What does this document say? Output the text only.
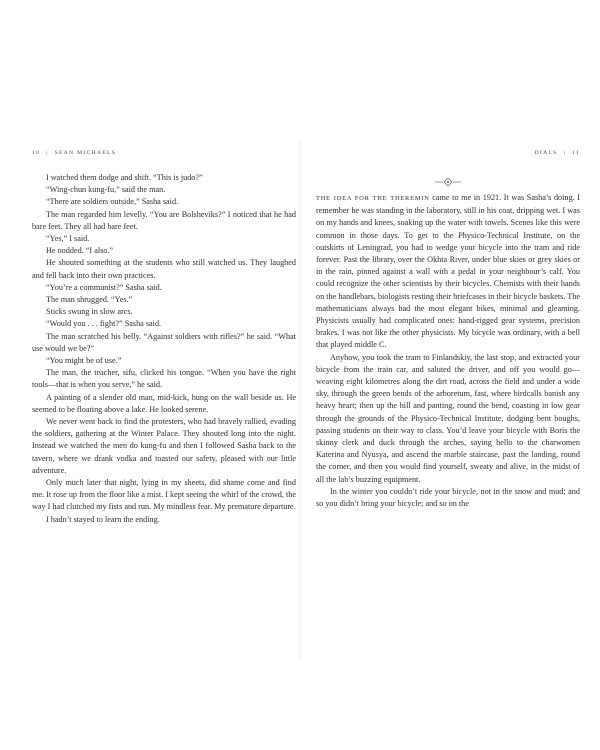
10 | SEAN MICHAELS

I watched them dodge and shift. “This is judo?”

“Wing-chun kung-fu,” said the man.

“There are soldiers outside,” Sasha said.

The man regarded him levelly. “You are Bolsheviks?” I noticed that he had bare feet. They all had bare feet.

“Yes,” I said.

He nodded. “I also.”

He shouted something at the students who still watched us. They laughed and fell back into their own practices.

“You’re a communist?” Sasha said.

The man shrugged. “Yes.”

Sticks swung in slow arcs.

“Would you . . . fight?” Sasha said.

The man scratched his belly. “Against soldiers with rifles?” he said. “What use would we be?”

“You might be of use.”

The man, the teacher, sifu, clicked his tongue. “When you have the right tools—that is when you serve,” he said.

A painting of a slender old man, mid-kick, hung on the wall beside us. He seemed to be floating above a lake. He looked serene.

We never went back to find the protesters, who had bravely rallied, evading the soldiers, gathering at the Winter Palace. They shouted long into the night. Instead we watched the men do kung-fu and then I followed Sasha back to the tavern, where we drank vodka and toasted our safety, pleased with our little adventure.

Only much later that night, lying in my sheets, did shame come and find me. It rose up from the floor like a mist. I kept seeing the whirl of the crowd, the way I had clutched my fists and run. My mindless fear. My premature departure.

I hadn’t stayed to learn the ending.

DIALS | 11

THE IDEA FOR THE THEREMIN came to me in 1921. It was Sasha’s doing. I remember he was standing in the laboratory, still in his coat, dripping wet. I was on my hands and knees, soaking up the water with towels. Scenes like this were common in those days. To get to the Physico-Technical Institute, on the outskirts of Leningrad, you had to wedge your bicycle into the tram and ride forever. Past the library, over the Okhta River, under blue skies or grey skies or in the rain, pinned against a wall with a pedal in your neighbour’s calf. You could recognize the other scientists by their bicycles. Chemists with their hands on the handlebars, biologists resting their briefcases in their bicycle baskets. The mathematicians always had the most elegant bikes, minimal and gleaming. Physicists usually had complicated ones: hand-rigged gear systems, precision brakes. I was not like the other physicists. My bicycle was ordinary, with a bell that played middle C.

Anyhow, you took the tram to Finlandskiy, the last stop, and extracted your bicycle from the train car, and saluted the driver, and off you would go—weaving eight kilometres along the dirt road, across the field and under a wide sky, through the green bends of the arboretum, fast, where birdcalls banish any heavy heart; then up the hill and panting, round the bend, coasting in low gear through the grounds of the Physico-Technical Institute, dodging bent boughs, passing students on their way to class. You’d leave your bicycle with Boris the skinny clerk and duck through the arches, saying hello to the charwomen Katerina and Nyusya, and ascend the marble staircase, past the landing, round the corner, and then you would find yourself, sweaty and alive, in the midst of all the lab’s buzzing equipment.

In the winter you couldn’t ride your bicycle, not in the snow and mud; and so you didn’t bring your bicycle; and so on the
